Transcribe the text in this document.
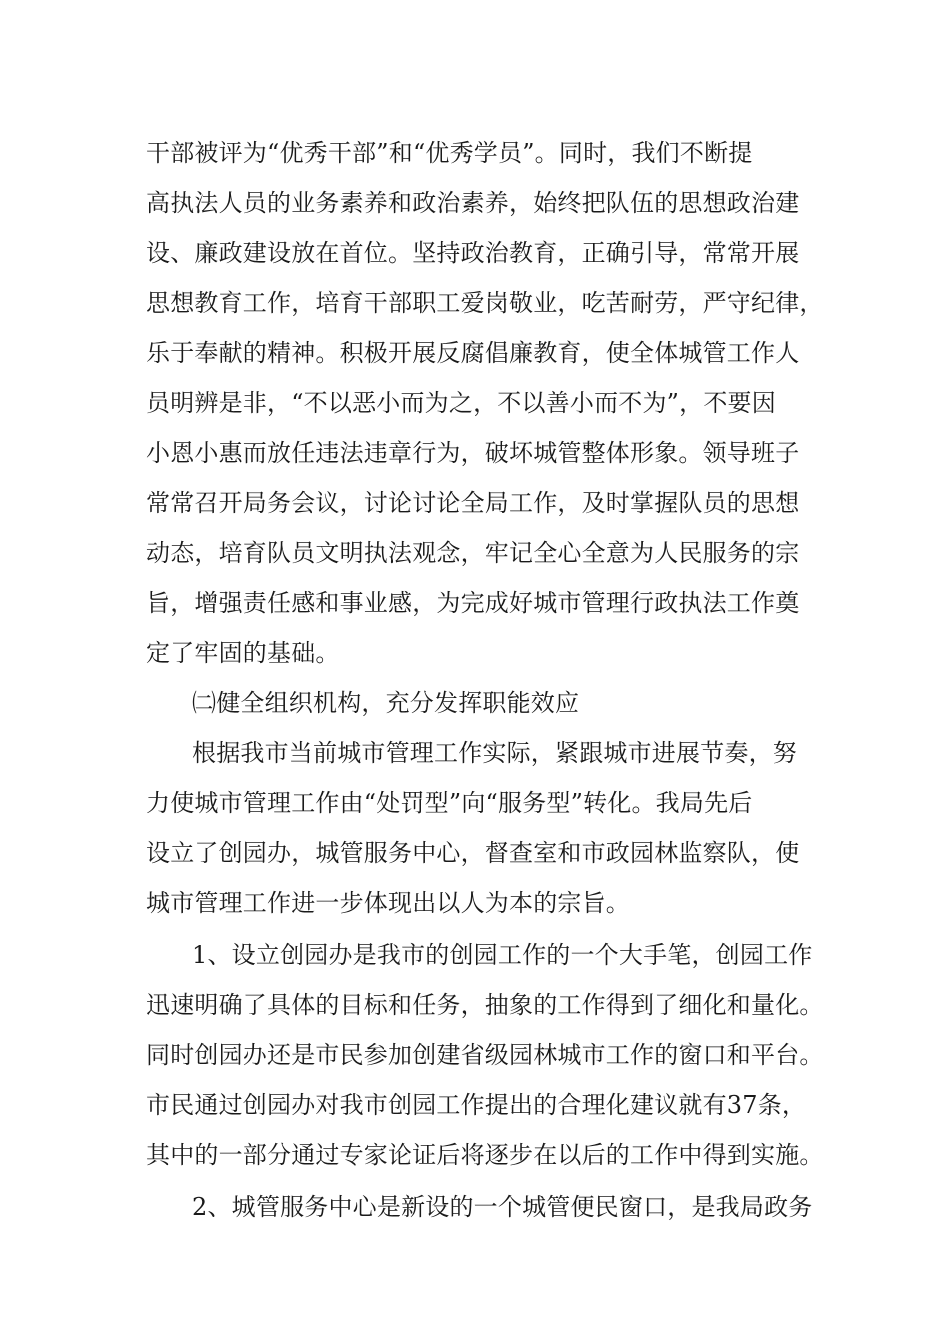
干部被评为“优秀干部”和“优秀学员”。同时，我们不断提
高执法人员的业务素养和政治素养，始终把队伍的思想政治建
设、廉政建设放在首位。坚持政治教育，正确引导，常常开展
思想教育工作，培育干部职工爱岗敬业，吃苦耐劳，严守纪律，
乐于奉献的精神。积极开展反腐倡廉教育，使全体城管工作人
员明辨是非，“不以恶小而为之，不以善小而不为”，不要因
小恩小惠而放任违法违章行为，破坏城管整体形象。领导班子
常常召开局务会议，讨论讨论全局工作，及时掌握队员的思想
动态，培育队员文明执法观念，牢记全心全意为人民服务的宗
旨，增强责任感和事业感，为完成好城市管理行政执法工作奠
定了牢固的基础。
㈡健全组织机构，充分发挥职能效应
根据我市当前城市管理工作实际，紧跟城市进展节奏，努
力使城市管理工作由“处罚型”向“服务型”转化。我局先后
设立了创园办，城管服务中心，督查室和市政园林监察队，使
城市管理工作进一步体现出以人为本的宗旨。
1、设立创园办是我市的创园工作的一个大手笔，创园工作
迅速明确了具体的目标和任务，抽象的工作得到了细化和量化。
同时创园办还是市民参加创建省级园林城市工作的窗口和平台。
市民通过创园办对我市创园工作提出的合理化建议就有37条，
其中的一部分通过专家论证后将逐步在以后的工作中得到实施。
2、城管服务中心是新设的一个城管便民窗口，是我局政务
